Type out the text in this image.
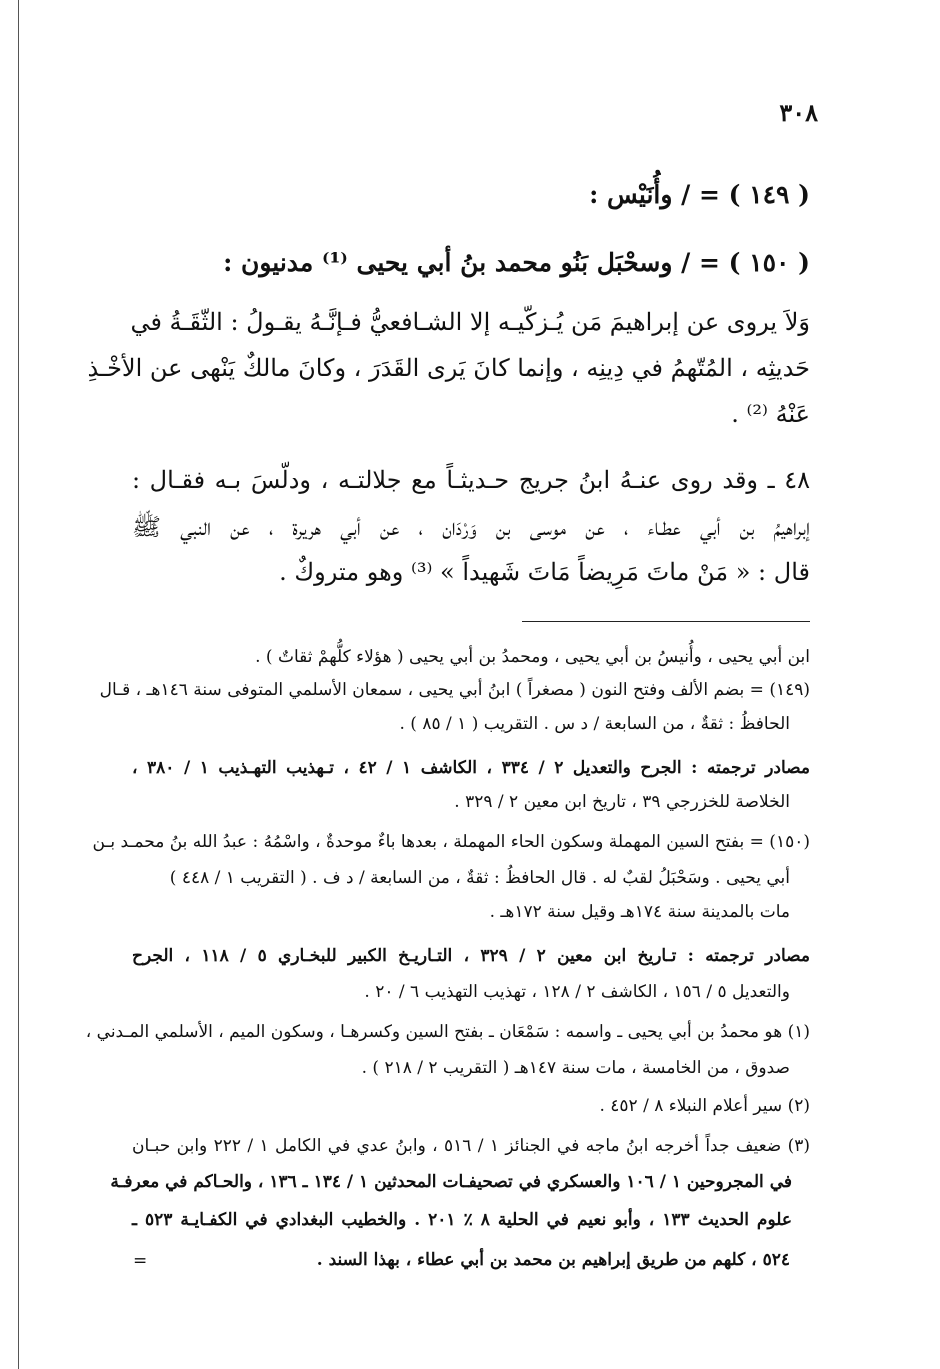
٣٠٨
( ١٤٩ ) = / وأُنَيْس :
( ١٥٠ ) = / وسحْبَل بَنُو محمد بنُ أبي يحيى ⁽¹⁾ مدنيون :
وَلاَ يروى عن إبراهيمَ مَن يُـزكّيـه إلا الشـافعيُّ فـإنَّـهُ يقـولُ : الثّقَـةُ في
حَديثِه ، المُتّهمُ في دِينِه ، وإنما كانَ يَرى القَدَرَ ، وكانَ مالكٌ يَنْهى عن الأخْـذِ
عَنْهُ ⁽²⁾ .
٤٨ ـ وقد روى عنـهُ ابنُ جريج حـديثـاً مع جلالتـه ، ودلّسَ بـه فقـال :
إبراهيمُ بن أبي عطـاء ، عن موسى بن وَرْدَان ، عن أبي هريرة ، عن النبي ﷺ
قال : « مَنْ ماتَ مَرِيضاً مَاتَ شَهيداً » ⁽³⁾ وهو متروكٌ .
ابن أبي يحيى ، وأُنيسُ بن أبي يحيى ، ومحمدُ بن أبي يحيى ( هؤلاء كلُّهمْ ثقاتٌ ) .
(١٤٩) = بضم الألف وفتح النون ( مصغراً ) ابنُ أبي يحيى ، سمعان الأسلمي المتوفى سنة ١٤٦هـ ، قـال
الحافظُ : ثقةٌ ، من السابعة / د س . التقريب ( ١ / ٨٥ ) .
مصادر ترجمته : الجرح والتعديل ٢ / ٣٣٤ ، الكاشف ١ / ٤٢ ، تـهذيب التهـذيب ١ / ٣٨٠ ،
الخلاصة للخزرجي ٣٩ ، تاريخ ابن معين ٢ / ٣٢٩ .
(١٥٠) = بفتح السين المهملة وسكون الحاء المهملة ، بعدها باءٌ موحدةٌ ، واسْمُهُ : عبدُ الله بنُ محمـد بـن
أبي يحيى . وسَحْبَلُ لقبٌ له . قال الحافظُ : ثقةٌ ، من السابعة / د ف . ( التقريب ١ / ٤٤٨ )
مات بالمدينة سنة ١٧٤هـ وقيل سنة ١٧٢هـ .
مصادر ترجمته : تـاريخ ابن معين ٢ / ٣٢٩ ، التـاريـخ الكبير للبخـاري ٥ / ١١٨ ، الجرح
والتعديل ٥ / ١٥٦ ، الكاشف ٢ / ١٢٨ ، تهذيب التهذيب ٦ / ٢٠ .
(١) هو محمدُ بن أبي يحيى ـ واسمه : سَمْعَان ـ بفتح السين وكسرهـا ، وسكون الميم ، الأسلمي المـدني ،
صدوق ، من الخامسة ، مات سنة ١٤٧هـ ( التقريب ٢ / ٢١٨ ) .
(٢) سير أعلام النبلاء ٨ / ٤٥٢ .
(٣) ضعيف جداً أخرجه ابنُ ماجه في الجنائز ١ / ٥١٦ ، وابنُ عدي في الكامل ١ / ٢٢٢ وابن حبـان
في المجروحين ١ / ١٠٦ والعسكري في تصحيفـات المحدثين ١ / ١٣٤ ـ ١٣٦ ، والحـاكم في معرفـة
علوم الحديث ١٣٣ ، وأبو نعيم في الحلية ٨ ٪ ٢٠١ . والخطيب البغدادي في الكفـايـة ٥٢٣ ـ
٥٢٤ ، كلهم من طريق إبراهيم بن محمد بن أبي عطاء ، بهذا السند .
=
